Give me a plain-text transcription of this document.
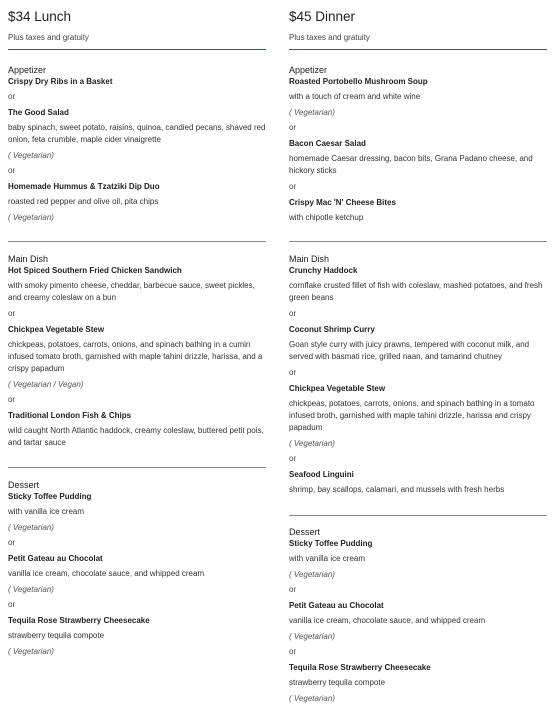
$34 Lunch
Plus taxes and gratuity
Appetizer
Crispy Dry Ribs in a Basket
or
The Good Salad
baby spinach, sweet potato, raisins, quinoa, candied pecans, shaved red onion, feta crumble, maple cider vinaigrette
( Vegetarian)
or
Homemade Hummus & Tzatziki Dip Duo
roasted red pepper and olive oil, pita chips
( Vegetarian)
Main Dish
Hot Spiced Southern Fried Chicken Sandwich
with smoky pimento cheese, cheddar, barbecue sauce, sweet pickles, and creamy coleslaw on a bun
or
Chickpea Vegetable Stew
chickpeas, potatoes, carrots, onions, and spinach bathing in a cumin infused tomato broth, garnished with maple tahini drizzle, harissa, and a crispy papadum
( Vegetarian / Vegan)
or
Traditional London Fish & Chips
wild caught North Atlantic haddock, creamy coleslaw, buttered petit pois, and tartar sauce
Dessert
Sticky Toffee Pudding
with vanilla ice cream
( Vegetarian)
or
Petit Gateau au Chocolat
vanilla ice cream, chocolate sauce, and whipped cream
( Vegetarian)
or
Tequila Rose Strawberry Cheesecake
strawberry tequila compote
( Vegetarian)
$45 Dinner
Plus taxes and gratuity
Appetizer
Roasted Portobello Mushroom Soup
with a touch of cream and white wine
( Vegetarian)
or
Bacon Caesar Salad
homemade Caesar dressing, bacon bits, Grana Padano cheese, and hickory sticks
or
Crispy Mac 'N' Cheese Bites
with chipotle ketchup
Main Dish
Crunchy Haddock
cornflake crusted fillet of fish with coleslaw, mashed potatoes, and fresh green beans
or
Coconut Shrimp Curry
Goan style curry with juicy prawns, tempered with coconut milk, and served with basmati rice, grilled naan, and tamarind chutney
or
Chickpea Vegetable Stew
chickpeas, potatoes, carrots, onions, and spinach bathing in a tomato infused broth, garnished with maple tahini drizzle, harissa and crispy papadum
( Vegetarian)
or
Seafood Linguini
shrimp, bay scallops, calamari, and mussels with fresh herbs
Dessert
Sticky Toffee Pudding
with vanilla ice cream
( Vegetarian)
or
Petit Gateau au Chocolat
vanilla ice cream, chocolate sauce, and whipped cream
( Vegetarian)
or
Tequila Rose Strawberry Cheesecake
strawberry tequila compote
( Vegetarian)
